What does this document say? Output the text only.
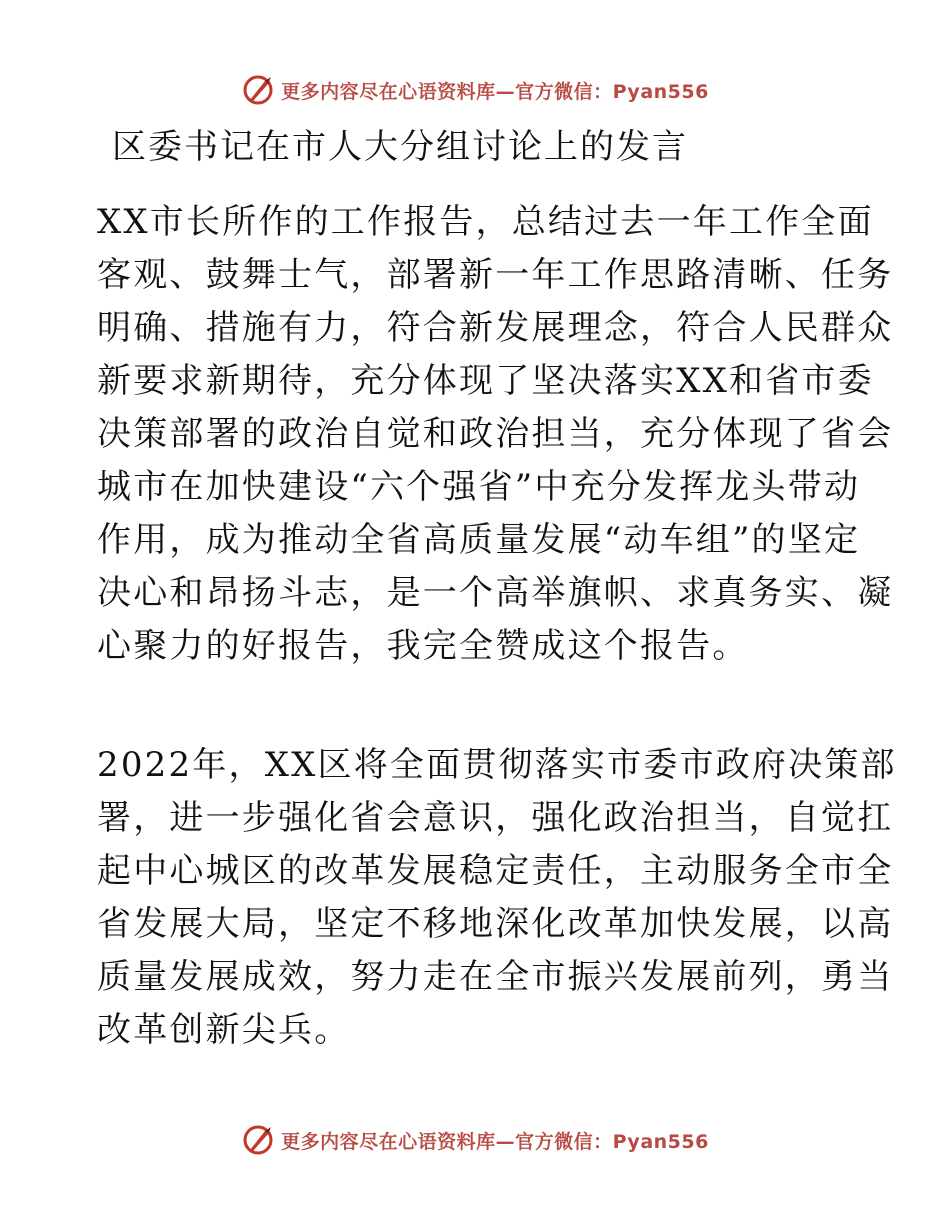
更多内容尽在心语资料库—官方微信：Pyan556
区委书记在市人大分组讨论上的发言
XX市长所作的工作报告，总结过去一年工作全面
客观、鼓舞士气，部署新一年工作思路清晰、任务
明确、措施有力，符合新发展理念，符合人民群众
新要求新期待，充分体现了坚决落实XX和省市委
决策部署的政治自觉和政治担当，充分体现了省会
城市在加快建设“六个强省”中充分发挥龙头带动
作用，成为推动全省高质量发展“动车组”的坚定
决心和昂扬斗志，是一个高举旗帜、求真务实、凝
心聚力的好报告，我完全赞成这个报告。
2022年，XX区将全面贯彻落实市委市政府决策部
署，进一步强化省会意识，强化政治担当，自觉扛
起中心城区的改革发展稳定责任，主动服务全市全
省发展大局，坚定不移地深化改革加快发展，以高
质量发展成效，努力走在全市振兴发展前列，勇当
改革创新尖兵。
更多内容尽在心语资料库—官方微信：Pyan556
